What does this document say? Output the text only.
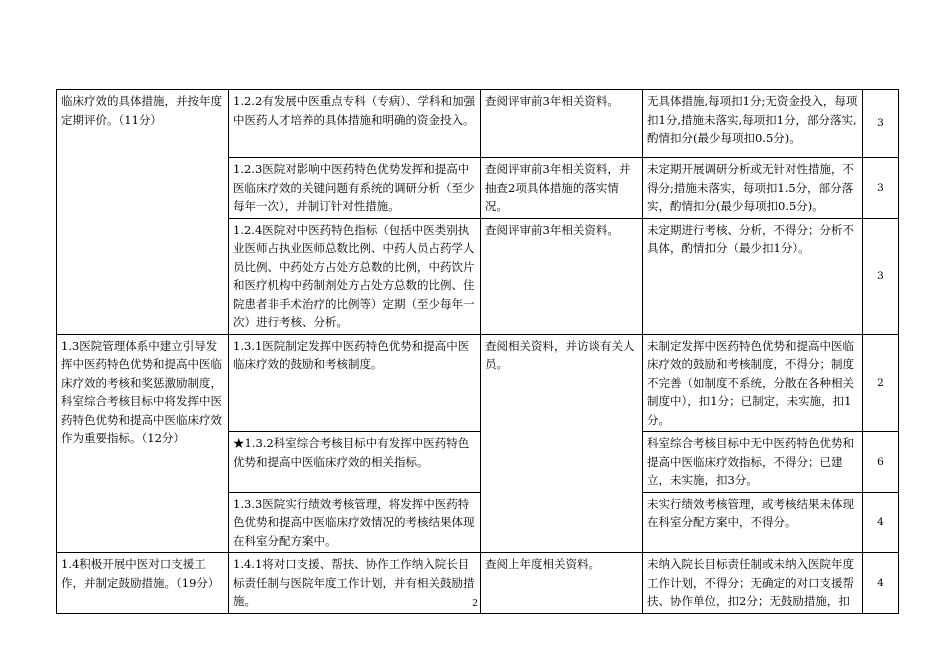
临床疗效的具体措施，并按年度定期评价。（11分）	1.2.2有发展中医重点专科（专病）、学科和加强中医药人才培养的具体措施和明确的资金投入。	查阅评审前3年相关资料。	无具体措施,每项扣1分;无资金投入，每项扣1分,措施未落实,每项扣1分，部分落实,酌情扣分(最少每项扣0.5分)。	3
	1.2.3医院对影响中医药特色优势发挥和提高中医临床疗效的关键问题有系统的调研分析（至少每年一次），并制订针对性措施。	查阅评审前3年相关资料，并抽查2项具体措施的落实情况。	未定期开展调研分析或无针对性措施，不得分;措施未落实，每项扣1.5分，部分落实，酌情扣分(最少每项扣0.5分)。	3
	1.2.4医院对中医药特色指标（包括中医类别执业医师占执业医师总数比例、中药人员占药学人员比例、中药处方占处方总数的比例，中药饮片和医疗机构中药制剂处方占处方总数的比例、住院患者非手术治疗的比例等）定期（至少每年一次）进行考核、分析。	查阅评审前3年相关资料。	未定期进行考核、分析，不得分；分析不具体，酌情扣分（最少扣1分）。	3
1.3医院管理体系中建立引导发挥中医药特色优势和提高中医临床疗效的考核和奖惩激励制度，科室综合考核目标中将发挥中医药特色优势和提高中医临床疗效作为重要指标。（12分）	1.3.1医院制定发挥中医药特色优势和提高中医临床疗效的鼓励和考核制度。	查阅相关资料，并访谈有关人员。	未制定发挥中医药特色优势和提高中医临床疗效的鼓励和考核制度，不得分；制度不完善（如制度不系统，分散在各种相关制度中），扣1分；已制定，未实施，扣1分。	2
	★1.3.2科室综合考核目标中有发挥中医药特色优势和提高中医临床疗效的相关指标。		科室综合考核目标中无中医药特色优势和提高中医临床疗效指标，不得分；已建立，未实施，扣3分。	6
	1.3.3医院实行绩效考核管理，将发挥中医药特色优势和提高中医临床疗效情况的考核结果体现在科室分配方案中。		未实行绩效考核管理，或考核结果未体现在科室分配方案中，不得分。	4
1.4积极开展中医对口支援工作，并制定鼓励措施。（19分）	1.4.1将对口支援、帮扶、协作工作纳入院长目标责任制与医院年度工作计划，并有相关鼓励措施。	查阅上年度相关资料。	未纳入院长目标责任制或未纳入医院年度工作计划，不得分；无确定的对口支援帮扶、协作单位，扣2分；无鼓励措施，扣	4
2
